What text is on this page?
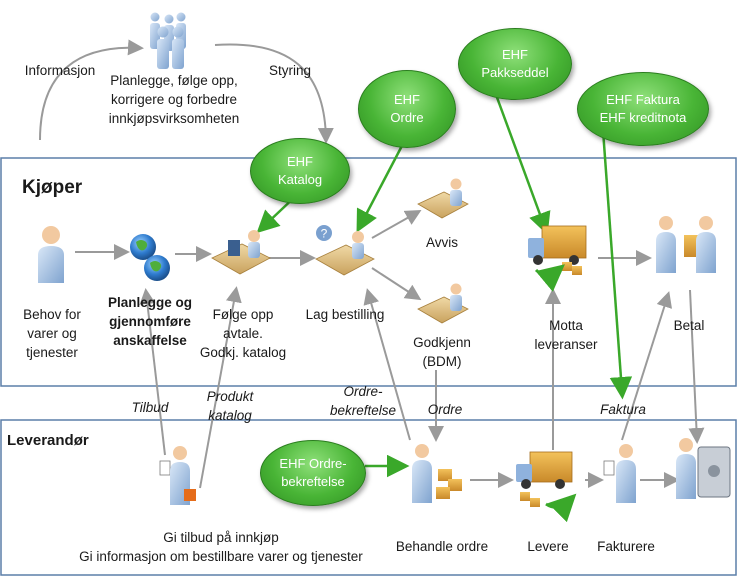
?
Informasjon	Styring
Planlegge, følge opp,
korrigere og forbedre
innkjøpsvirksomheten
Kjøper
Leverandør
Behov for
varer og
tjenester
Planlegge og
gjennomføre
anskaffelse
Følge opp
avtale.
Godkj. katalog
Lag bestilling
Avvis
Godkjenn
(BDM)
Motta
leveranser
Betal
Tilbud
Produkt
katalog
Ordre-
bekreftelse Ordre	Faktura
Gi tilbud på innkjøp
Gi informasjon om bestillbare varer og tjenester
Behandle ordre	Levere Fakturere
EHF
Katalog
EHF
Ordre
EHF
Pakkseddel
EHF Faktura
EHF kreditnota
EHF Ordre-
bekreftelse
